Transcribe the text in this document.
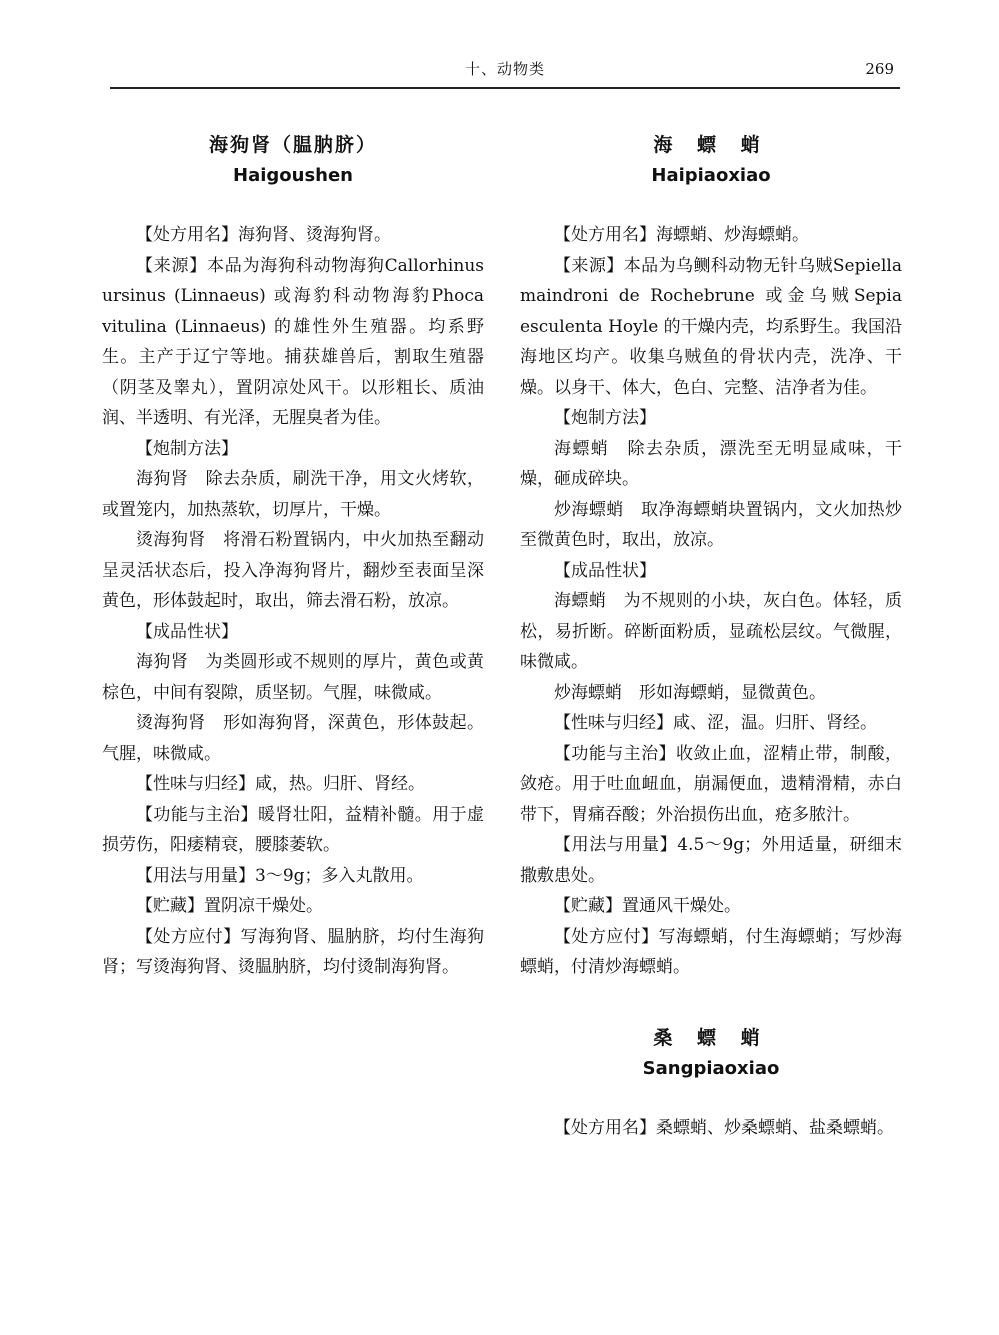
十、动物类	269
海狗肾（腽肭脐）
Haigoushen

【处方用名】海狗肾、烫海狗肾。

【来源】本品为海狗科动物海狗Callorhinus ursinus (Linnaeus) 或海豹科动物海豹Phoca vitulina (Linnaeus) 的雄性外生殖器。均系野生。主产于辽宁等地。捕获雄兽后，割取生殖器（阴茎及睾丸），置阴凉处风干。以形粗长、质油润、半透明、有光泽，无腥臭者为佳。

【炮制方法】

海狗肾　除去杂质，刷洗干净，用文火烤软，或置笼内，加热蒸软，切厚片，干燥。

烫海狗肾　将滑石粉置锅内，中火加热至翻动呈灵活状态后，投入净海狗肾片，翻炒至表面呈深黄色，形体鼓起时，取出，筛去滑石粉，放凉。

【成品性状】

海狗肾　为类圆形或不规则的厚片，黄色或黄棕色，中间有裂隙，质坚韧。气腥，味微咸。

烫海狗肾　形如海狗肾，深黄色，形体鼓起。气腥，味微咸。

【性味与归经】咸，热。归肝、肾经。

【功能与主治】暖肾壮阳，益精补髓。用于虚损劳伤，阳痿精衰，腰膝萎软。

【用法与用量】3～9g；多入丸散用。

【贮藏】置阴凉干燥处。

【处方应付】写海狗肾、腽肭脐，均付生海狗肾；写烫海狗肾、烫腽肭脐，均付烫制海狗肾。

海 螵 蛸
Haipiaoxiao

【处方用名】海螵蛸、炒海螵蛸。

【来源】本品为乌鲗科动物无针乌贼Sepiella maindroni de Rochebrune 或金乌贼Sepia esculenta Hoyle 的干燥内壳，均系野生。我国沿海地区均产。收集乌贼鱼的骨状内壳，洗净、干燥。以身干、体大，色白、完整、洁净者为佳。

【炮制方法】

海螵蛸　除去杂质，漂洗至无明显咸味，干燥，砸成碎块。

炒海螵蛸　取净海螵蛸块置锅内，文火加热炒至微黄色时，取出，放凉。

【成品性状】

海螵蛸　为不规则的小块，灰白色。体轻，质松，易折断。碎断面粉质，显疏松层纹。气微腥，味微咸。

炒海螵蛸　形如海螵蛸，显微黄色。

【性味与归经】咸、涩，温。归肝、肾经。

【功能与主治】收敛止血，涩精止带，制酸，敛疮。用于吐血衄血，崩漏便血，遗精滑精，赤白带下，胃痛吞酸；外治损伤出血，疮多脓汁。

【用法与用量】4.5～9g；外用适量，研细末撒敷患处。

【贮藏】置通风干燥处。

【处方应付】写海螵蛸，付生海螵蛸；写炒海螵蛸，付清炒海螵蛸。

桑 螵 蛸
Sangpiaoxiao

【处方用名】桑螵蛸、炒桑螵蛸、盐桑螵蛸。
